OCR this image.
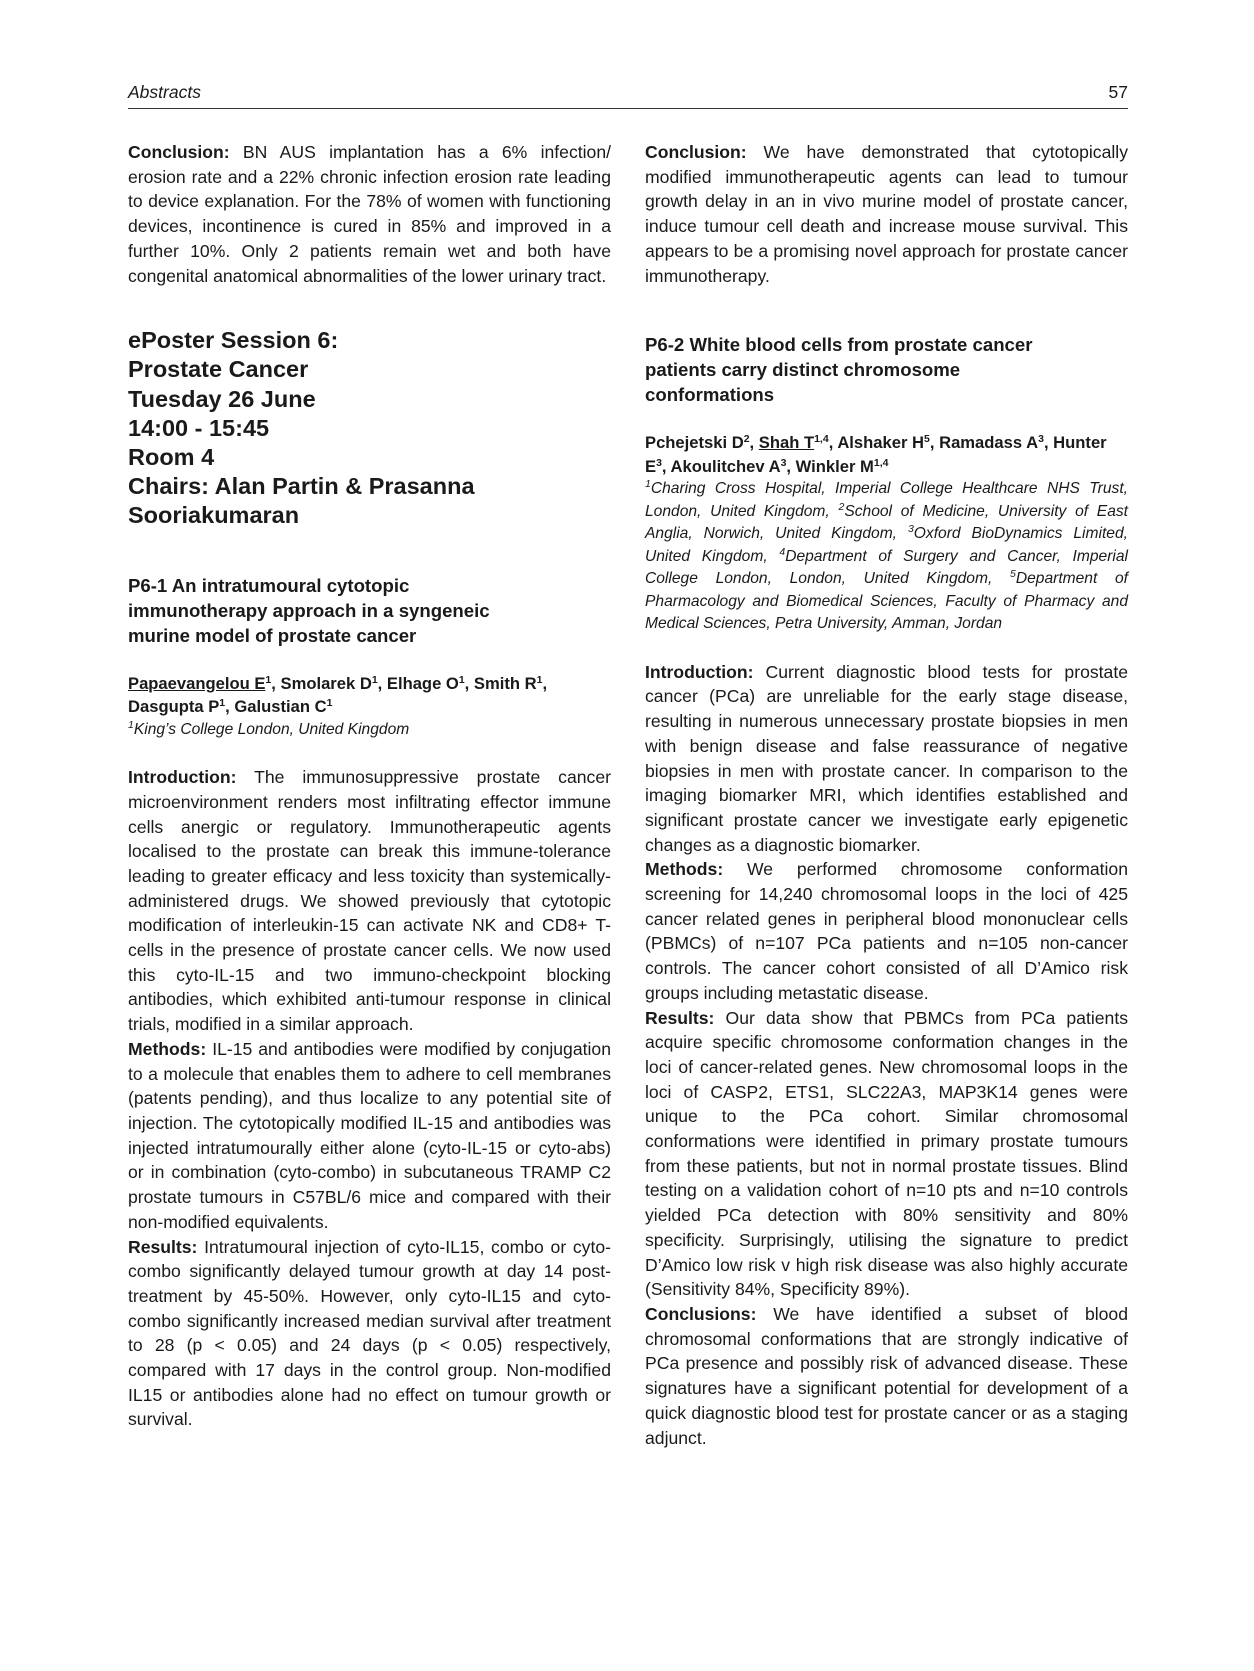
Abstracts	57

Conclusion: BN AUS implantation has a 6% infection/ erosion rate and a 22% chronic infection erosion rate leading to device explanation. For the 78% of women with functioning devices, incontinence is cured in 85% and improved in a further 10%. Only 2 patients remain wet and both have congenital anatomical abnormalities of the lower urinary tract.

ePoster Session 6:
Prostate Cancer
Tuesday 26 June
14:00 - 15:45
Room 4
Chairs: Alan Partin & Prasanna Sooriakumaran
P6-1 An intratumoural cytotopic immunotherapy approach in a syngeneic murine model of prostate cancer
Papaevangelou $E^1$, Smolarek $D^1$, Elhage $O^1$, Smith $R^1$, Dasgupta $P^1$, Galustian $C^1$
$^1$King’s College London, United Kingdom

Introduction: The immunosuppressive prostate cancer microenvironment renders most infiltrating effector immune cells anergic or regulatory. Immunotherapeutic agents localised to the prostate can break this immune-tolerance leading to greater efficacy and less toxicity than systemically-administered drugs. We showed previously that cytotopic modification of interleukin-15 can activate NK and CD8+ T-cells in the presence of prostate cancer cells. We now used this cyto-IL-15 and two immuno-checkpoint blocking antibodies, which exhibited anti-tumour response in clinical trials, modified in a similar approach.

Methods: IL-15 and antibodies were modified by conjugation to a molecule that enables them to adhere to cell membranes (patents pending), and thus localize to any potential site of injection. The cytotopically modified IL-15 and antibodies was injected intratumourally either alone (cyto-IL-15 or cyto-abs) or in combination (cyto-combo) in subcutaneous TRAMP C2 prostate tumours in C57BL/6 mice and compared with their non-modified equivalents.

Results: Intratumoural injection of cyto-IL15, combo or cyto-combo significantly delayed tumour growth at day 14 post-treatment by 45-50%. However, only cyto-IL15 and cyto-combo significantly increased median survival after treatment to 28 (p < 0.05) and 24 days (p < 0.05) respectively, compared with 17 days in the control group. Non-modified IL15 or antibodies alone had no effect on tumour growth or survival.

Conclusion: We have demonstrated that cytotopically modified immunotherapeutic agents can lead to tumour growth delay in an in vivo murine model of prostate cancer, induce tumour cell death and increase mouse survival. This appears to be a promising novel approach for prostate cancer immunotherapy.

P6-2 White blood cells from prostate cancer patients carry distinct chromosome conformations
Pchejetski $D^2$, Shah T$^{1,4}$, Alshaker $H^5$, Ramadass $A^3$, Hunter $E^3$, Akoulitchev $A^3$, Winkler M$^{1,4}$

$^1$Charing Cross Hospital, Imperial College Healthcare NHS Trust, London, United Kingdom, $^2$School of Medicine, University of East Anglia, Norwich, United Kingdom, $^3$Oxford BioDynamics Limited, United Kingdom, $^4$Department of Surgery and Cancer, Imperial College London, London, United Kingdom, $^5$Department of Pharmacology and Biomedical Sciences, Faculty of Pharmacy and Medical Sciences, Petra University, Amman, Jordan

Introduction: Current diagnostic blood tests for prostate cancer (PCa) are unreliable for the early stage disease, resulting in numerous unnecessary prostate biopsies in men with benign disease and false reassurance of negative biopsies in men with prostate cancer. In comparison to the imaging biomarker MRI, which identifies established and significant prostate cancer we investigate early epigenetic changes as a diagnostic biomarker.

Methods: We performed chromosome conformation screening for 14,240 chromosomal loops in the loci of 425 cancer related genes in peripheral blood mononuclear cells (PBMCs) of n=107 PCa patients and n=105 non-cancer controls. The cancer cohort consisted of all D’Amico risk groups including metastatic disease.

Results: Our data show that PBMCs from PCa patients acquire specific chromosome conformation changes in the loci of cancer-related genes. New chromosomal loops in the loci of CASP2, ETS1, SLC22A3, MAP3K14 genes were unique to the PCa cohort. Similar chromosomal conformations were identified in primary prostate tumours from these patients, but not in normal prostate tissues. Blind testing on a validation cohort of n=10 pts and n=10 controls yielded PCa detection with 80% sensitivity and 80% specificity. Surprisingly, utilising the signature to predict D’Amico low risk v high risk disease was also highly accurate (Sensitivity 84%, Specificity 89%).

Conclusions: We have identified a subset of blood chromosomal conformations that are strongly indicative of PCa presence and possibly risk of advanced disease. These signatures have a significant potential for development of a quick diagnostic blood test for prostate cancer or as a staging adjunct.
